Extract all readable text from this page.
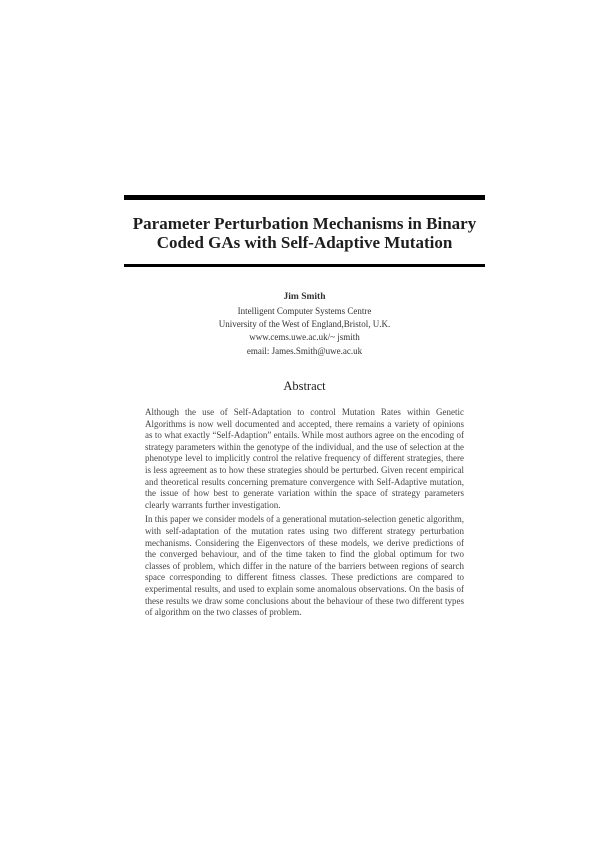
Parameter Perturbation Mechanisms in Binary
Coded GAs with Self-Adaptive Mutation
Jim Smith
Intelligent Computer Systems Centre
University of the West of England,Bristol, U.K.
www.cems.uwe.ac.uk/~ jsmith
email: James.Smith@uwe.ac.uk
Abstract

Although the use of Self-Adaptation to control Mutation Rates within Genetic Algorithms is now well documented and accepted, there remains a variety of opinions as to what exactly “Self-Adaption” entails. While most authors agree on the encoding of strategy parameters within the genotype of the individual, and the use of selection at the phenotype level to implicitly control the relative frequency of different strategies, there is less agreement as to how these strategies should be perturbed. Given recent empirical and theoretical results concerning premature convergence with Self-Adaptive mutation, the issue of how best to generate variation within the space of strategy parameters clearly warrants further investigation.

In this paper we consider models of a generational mutation-selection genetic algorithm, with self-adaptation of the mutation rates using two different strategy perturbation mechanisms. Considering the Eigenvectors of these models, we derive predictions of the converged behaviour, and of the time taken to find the global optimum for two classes of problem, which differ in the nature of the barriers between regions of search space corresponding to different fitness classes. These predictions are compared to experimental results, and used to explain some anomalous observations. On the basis of these results we draw some conclusions about the behaviour of these two different types of algorithm on the two classes of problem.
